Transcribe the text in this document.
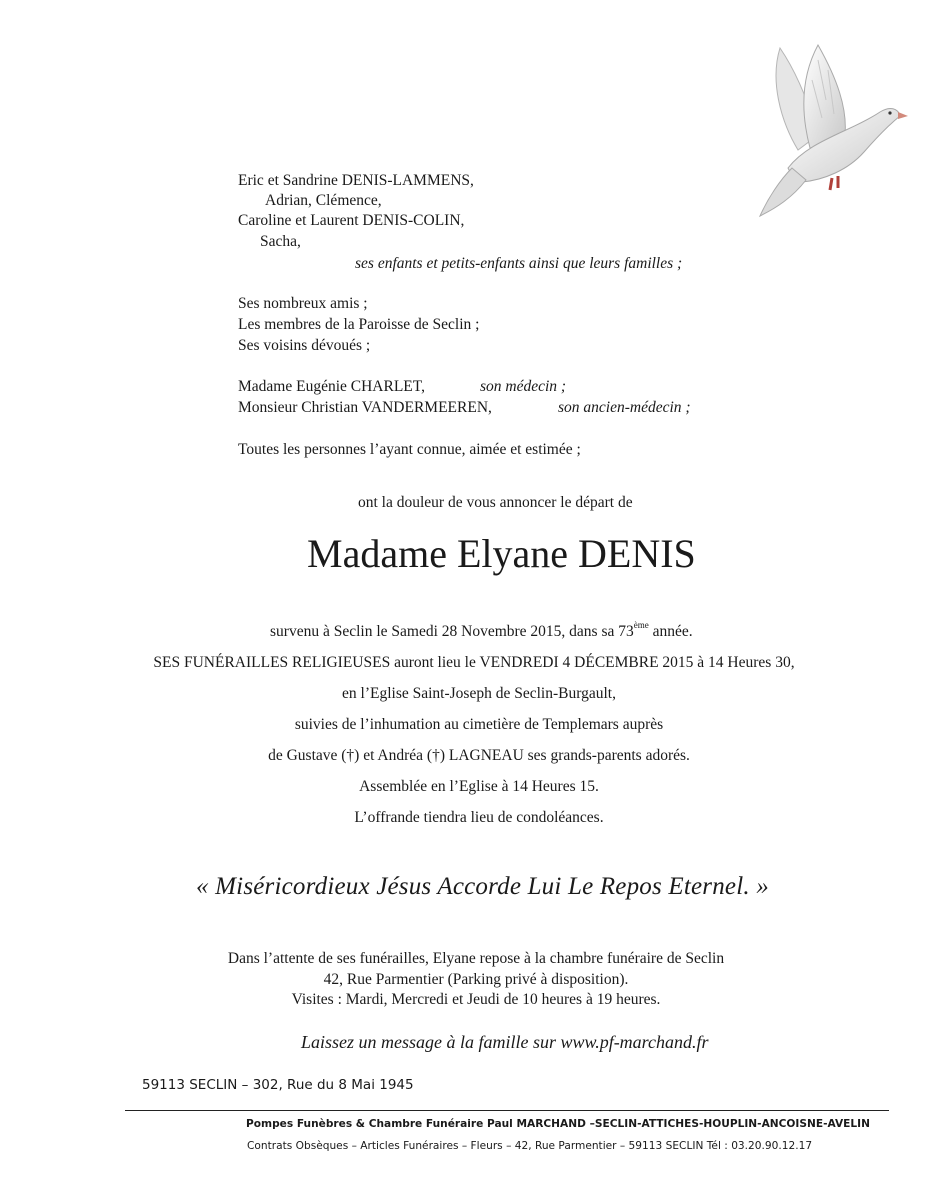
Eric et Sandrine DENIS-LAMMENS,
Adrian, Clémence,
Caroline et Laurent DENIS-COLIN,
Sacha,
ses enfants et petits-enfants ainsi que leurs familles ;
Ses nombreux amis ;
Les membres de la Paroisse de Seclin ;
Ses voisins dévoués ;
Madame Eugénie CHARLET,	son médecin ;
Monsieur Christian VANDERMEEREN,	son ancien-médecin ;
Toutes les personnes l’ayant connue, aimée et estimée ;
ont la douleur de vous annoncer le départ de
Madame Elyane DENIS
survenu à Seclin le Samedi 28 Novembre 2015, dans sa 73ème année.
SES FUNÉRAILLES RELIGIEUSES auront lieu le VENDREDI 4 DÉCEMBRE 2015 à 14 Heures 30,
en l’Eglise Saint-Joseph de Seclin-Burgault,
suivies de l’inhumation au cimetière de Templemars auprès
de Gustave (†) et Andréa (†) LAGNEAU ses grands-parents adorés.
Assemblée en l’Eglise à 14 Heures 15.
L’offrande tiendra lieu de condoléances.
« Miséricordieux Jésus Accorde Lui Le Repos Eternel. »
Dans l’attente de ses funérailles, Elyane repose à la chambre funéraire de Seclin
42, Rue Parmentier (Parking privé à disposition).
Visites : Mardi, Mercredi et Jeudi de 10 heures à 19 heures.
Laissez un message à la famille sur www.pf-marchand.fr
59113 SECLIN – 302, Rue du 8 Mai 1945
Pompes Funèbres & Chambre Funéraire Paul MARCHAND –SECLIN-ATTICHES-HOUPLIN-ANCOISNE-AVELIN
Contrats Obsèques – Articles Funéraires – Fleurs – 42, Rue Parmentier – 59113 SECLIN Tél : 03.20.90.12.17
